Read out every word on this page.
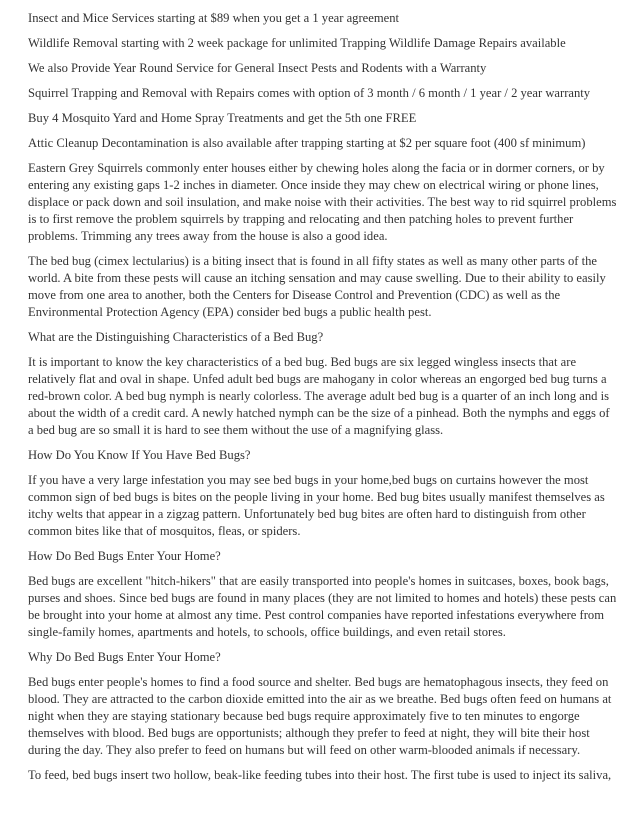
Insect and Mice Services starting at $89 when you get a 1 year agreement

Wildlife Removal starting with 2 week package for unlimited Trapping Wildlife Damage Repairs available

We also Provide Year Round Service for General Insect Pests and Rodents with a Warranty

Squirrel Trapping and Removal with Repairs comes with option of 3 month / 6 month / 1 year / 2 year warranty

Buy 4 Mosquito Yard and Home Spray Treatments and get the 5th one FREE

Attic Cleanup Decontamination is also available after trapping starting at $2 per square foot (400 sf minimum)

Eastern Grey Squirrels commonly enter houses either by chewing holes along the facia or in dormer corners, or by entering any existing gaps 1-2 inches in diameter. Once inside they may chew on electrical wiring or phone lines, displace or pack down and soil insulation, and make noise with their activities. The best way to rid squirrel problems is to first remove the problem squirrels by trapping and relocating and then patching holes to prevent further problems. Trimming any trees away from the house is also a good idea.

The bed bug (cimex lectularius) is a biting insect that is found in all fifty states as well as many other parts of the world. A bite from these pests will cause an itching sensation and may cause swelling. Due to their ability to easily move from one area to another, both the Centers for Disease Control and Prevention (CDC) as well as the Environmental Protection Agency (EPA) consider bed bugs a public health pest.

What are the Distinguishing Characteristics of a Bed Bug?

It is important to know the key characteristics of a bed bug. Bed bugs are six legged wingless insects that are relatively flat and oval in shape. Unfed adult bed bugs are mahogany in color whereas an engorged bed bug turns a red-brown color. A bed bug nymph is nearly colorless. The average adult bed bug is a quarter of an inch long and is about the width of a credit card. A newly hatched nymph can be the size of a pinhead. Both the nymphs and eggs of a bed bug are so small it is hard to see them without the use of a magnifying glass.

How Do You Know If You Have Bed Bugs?

If you have a very large infestation you may see bed bugs in your home,bed bugs on curtains however the most common sign of bed bugs is bites on the people living in your home. Bed bug bites usually manifest themselves as itchy welts that appear in a zigzag pattern. Unfortunately bed bug bites are often hard to distinguish from other common bites like that of mosquitos, fleas, or spiders.

How Do Bed Bugs Enter Your Home?

Bed bugs are excellent "hitch-hikers" that are easily transported into people's homes in suitcases, boxes, book bags, purses and shoes. Since bed bugs are found in many places (they are not limited to homes and hotels) these pests can be brought into your home at almost any time. Pest control companies have reported infestations everywhere from single-family homes, apartments and hotels, to schools, office buildings, and even retail stores.

Why Do Bed Bugs Enter Your Home?

Bed bugs enter people's homes to find a food source and shelter. Bed bugs are hematophagous insects, they feed on blood. They are attracted to the carbon dioxide emitted into the air as we breathe. Bed bugs often feed on humans at night when they are staying stationary because bed bugs require approximately five to ten minutes to engorge themselves with blood. Bed bugs are opportunists; although they prefer to feed at night, they will bite their host during the day. They also prefer to feed on humans but will feed on other warm-blooded animals if necessary.

To feed, bed bugs insert two hollow, beak-like feeding tubes into their host. The first tube is used to inject its saliva,
